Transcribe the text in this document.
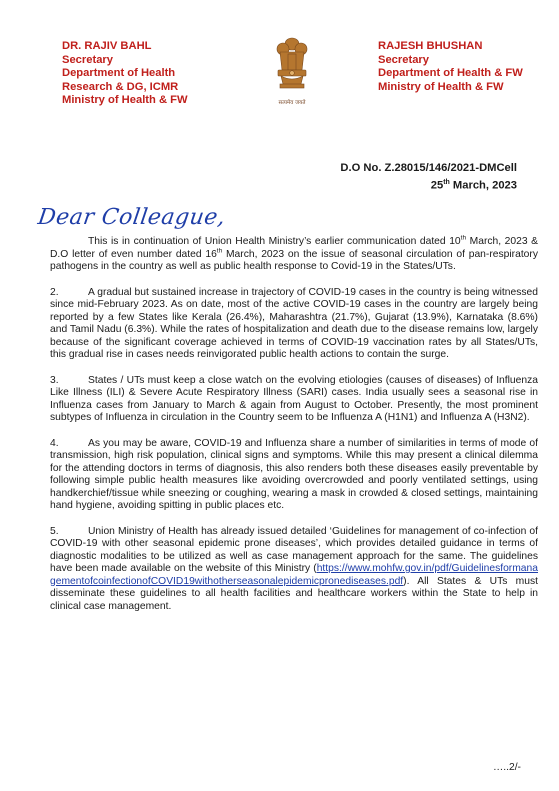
DR. RAJIV BAHL
Secretary
Department of Health
Research & DG, ICMR
Ministry of Health & FW	सत्यमेव जयते
RAJESH BHUSHAN
Secretary
Department of Health & FW
Ministry of Health & FW
D.O No. Z.28015/146/2021-DMCell
25th March, 2023
Dear Colleague,

This is in continuation of Union Health Ministry’s earlier communication dated 10th March, 2023 & D.O letter of even number dated 16th March, 2023 on the issue of seasonal circulation of pan-respiratory pathogens in the country as well as public health response to Covid-19 in the States/UTs.

2.	A gradual but sustained increase in trajectory of COVID-19 cases in the country is being witnessed since mid-February 2023. As on date, most of the active COVID-19 cases in the country are largely being reported by a few States like Kerala (26.4%), Maharashtra (21.7%), Gujarat (13.9%), Karnataka (8.6%) and Tamil Nadu (6.3%). While the rates of hospitalization and death due to the disease remains low, largely because of the significant coverage achieved in terms of COVID-19 vaccination rates by all States/UTs, this gradual rise in cases needs reinvigorated public health actions to contain the surge.

3.	States / UTs must keep a close watch on the evolving etiologies (causes of diseases) of Influenza Like Illness (ILI) & Severe Acute Respiratory Illness (SARI) cases. India usually sees a seasonal rise in Influenza cases from January to March & again from August to October. Presently, the most prominent subtypes of Influenza in circulation in the Country seem to be Influenza A (H1N1) and Influenza A (H3N2).

4.	As you may be aware, COVID-19 and Influenza share a number of similarities in terms of mode of transmission, high risk population, clinical signs and symptoms. While this may present a clinical dilemma for the attending doctors in terms of diagnosis, this also renders both these diseases easily preventable by following simple public health measures like avoiding overcrowded and poorly ventilated settings, using handkerchief/tissue while sneezing or coughing, wearing a mask in crowded & closed settings, maintaining hand hygiene, avoiding spitting in public places etc.

5.	Union Ministry of Health has already issued detailed ‘Guidelines for management of co-infection of COVID-19 with other seasonal epidemic prone diseases’, which provides detailed guidance in terms of diagnostic modalities to be utilized as well as case management approach for the same. The guidelines have been made available on the website of this Ministry (https://www.mohfw.gov.in/pdf/GuidelinesformanagementofcoinfectionofCOVID19withotherseasonalepidemicpronediseases.pdf). All States & UTs must disseminate these guidelines to all health facilities and healthcare workers within the State to help in clinical case management.

…..2/-
